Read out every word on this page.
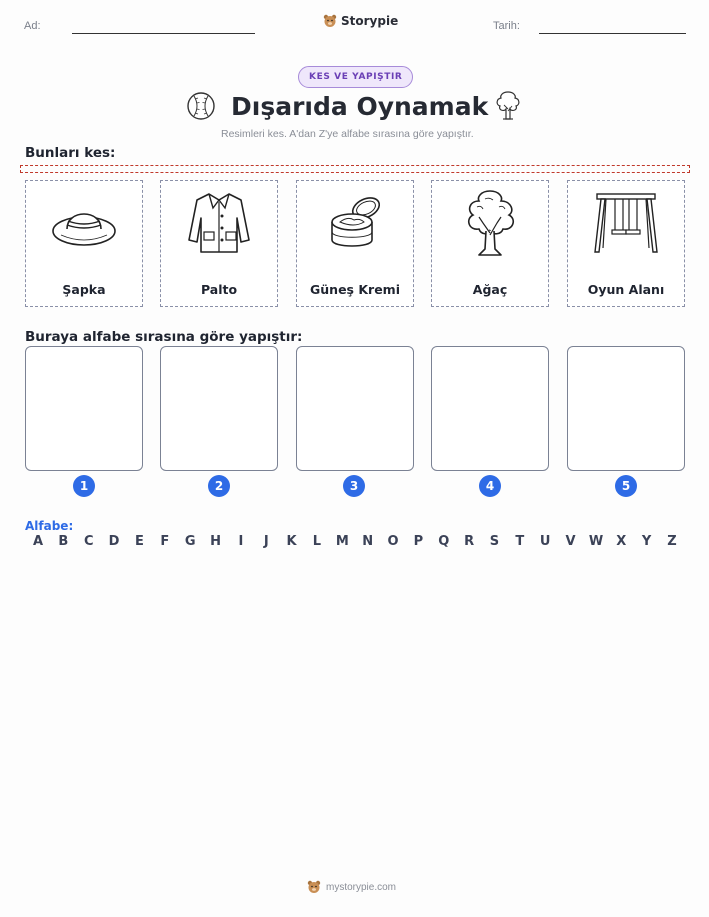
Ad:	Storypie	Tarih:
KES VE YAPIŞTIR
Dışarıda Oynamak
Resimleri kes. A'dan Z'ye alfabe sırasına göre yapıştır.
Bunları kes:
Şapka	Palto	Güneş Kremi	Ağaç	Oyun Alanı
Buraya alfabe sırasına göre yapıştır:
1	2	3	4	5
Alfabe:
A B C D E F G H	I	J	K L M N O P Q R S T U V W X Y Z
mystorypie.com
